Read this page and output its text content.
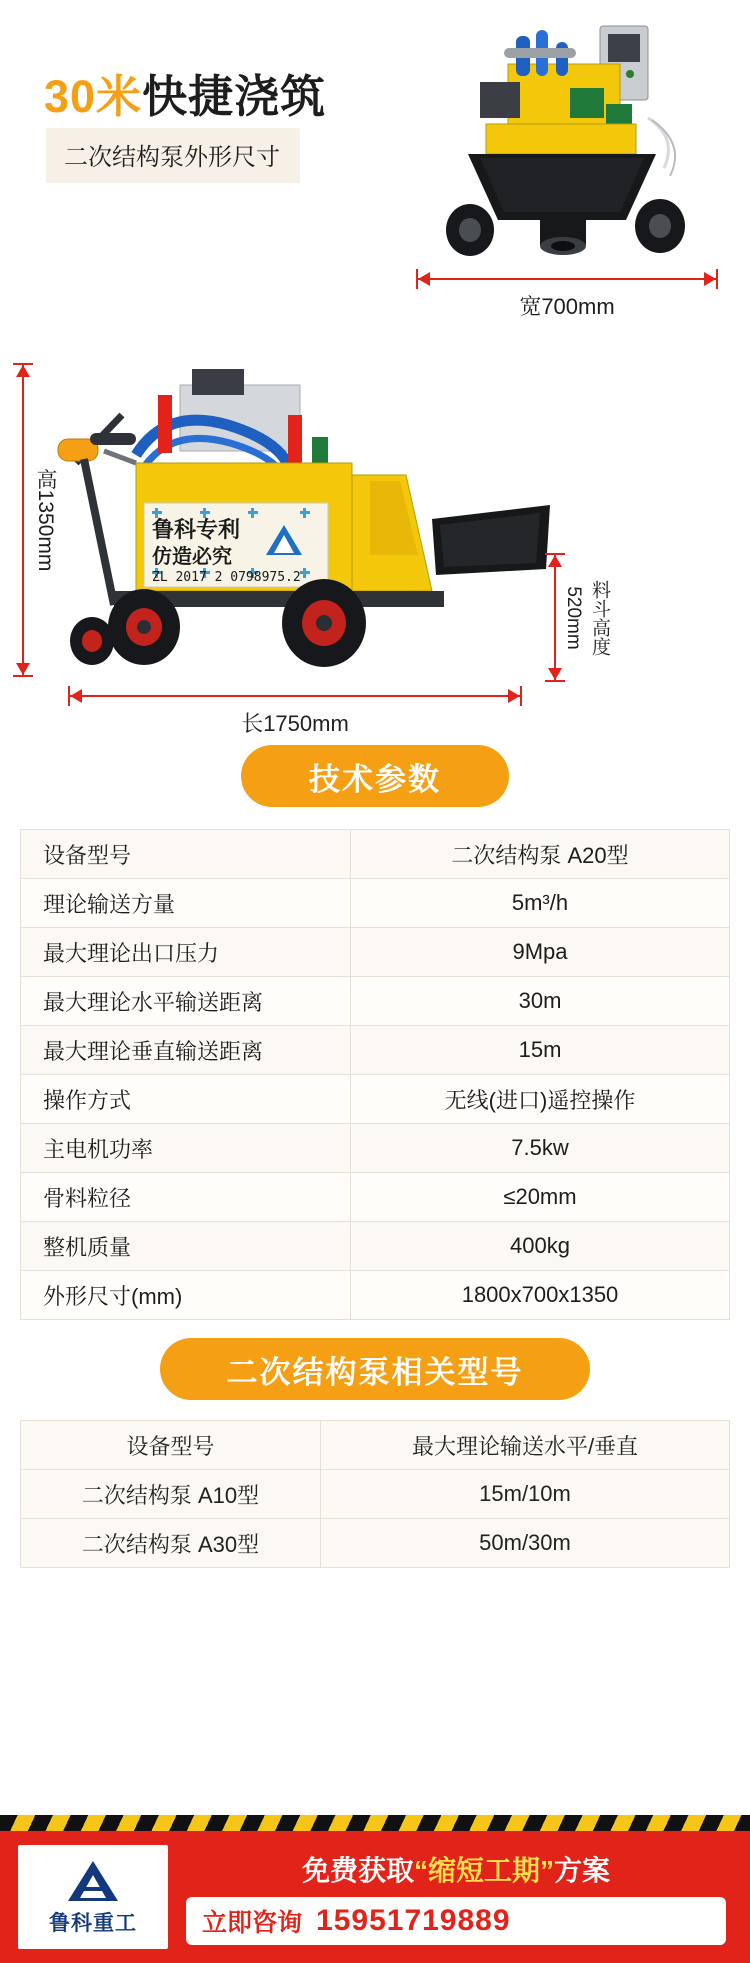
30米快捷浇筑
二次结构泵外形尺寸
宽700mm
鲁科专利
仿造必究
ZL 2017 2 0798975.2
高1350mm
520mm 料斗高度
长1750mm
技术参数
设备型号	二次结构泵 A20型
理论输送方量	5m³/h
最大理论出口压力	9Mpa
最大理论水平输送距离	30m
最大理论垂直输送距离	15m
操作方式	无线(进口)遥控操作
主电机功率	7.5kw
骨料粒径	≤20mm
整机质量	400kg
外形尺寸(mm)	1800x700x1350
二次结构泵相关型号
设备型号	最大理论输送水平/垂直
二次结构泵 A10型	15m/10m
二次结构泵 A30型	50m/30m
鲁科重工
免费获取“缩短工期”方案
立即咨询 15951719889
